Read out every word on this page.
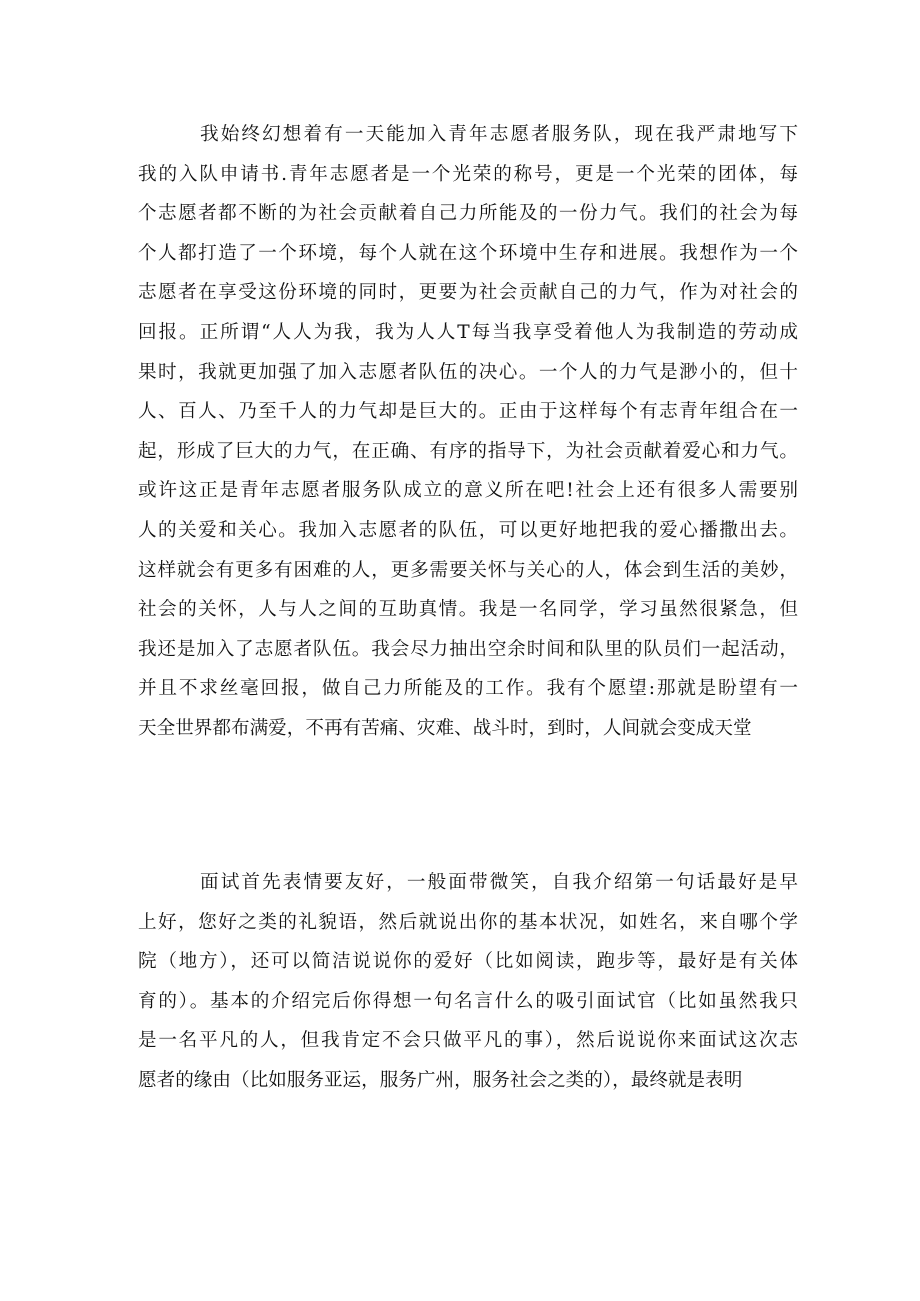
我始终幻想着有一天能加入青年志愿者服务队，现在我严肃地写下
我的入队申请书.青年志愿者是一个光荣的称号，更是一个光荣的团体，每
个志愿者都不断的为社会贡献着自己力所能及的一份力气。我们的社会为每
个人都打造了一个环境，每个人就在这个环境中生存和进展。我想作为一个
志愿者在享受这份环境的同时，更要为社会贡献自己的力气，作为对社会的
回报。正所谓“人人为我，我为人人T每当我享受着他人为我制造的劳动成
果时，我就更加强了加入志愿者队伍的决心。一个人的力气是渺小的，但十
人、百人、乃至千人的力气却是巨大的。正由于这样每个有志青年组合在一
起，形成了巨大的力气，在正确、有序的指导下，为社会贡献着爱心和力气。
或许这正是青年志愿者服务队成立的意义所在吧!社会上还有很多人需要别
人的关爱和关心。我加入志愿者的队伍，可以更好地把我的爱心播撒出去。
这样就会有更多有困难的人，更多需要关怀与关心的人，体会到生活的美妙，
社会的关怀，人与人之间的互助真情。我是一名同学，学习虽然很紧急，但
我还是加入了志愿者队伍。我会尽力抽出空余时间和队里的队员们一起活动，
并且不求丝毫回报，做自己力所能及的工作。我有个愿望:那就是盼望有一
天全世界都布满爱，不再有苦痛、灾难、战斗时，到时，人间就会变成天堂
面试首先表情要友好，一般面带微笑，自我介绍第一句话最好是早
上好，您好之类的礼貌语，然后就说出你的基本状况，如姓名，来自哪个学
院（地方），还可以简洁说说你的爱好（比如阅读，跑步等，最好是有关体
育的）。基本的介绍完后你得想一句名言什么的吸引面试官（比如虽然我只
是一名平凡的人，但我肯定不会只做平凡的事），然后说说你来面试这次志
愿者的缘由（比如服务亚运，服务广州，服务社会之类的），最终就是表明
